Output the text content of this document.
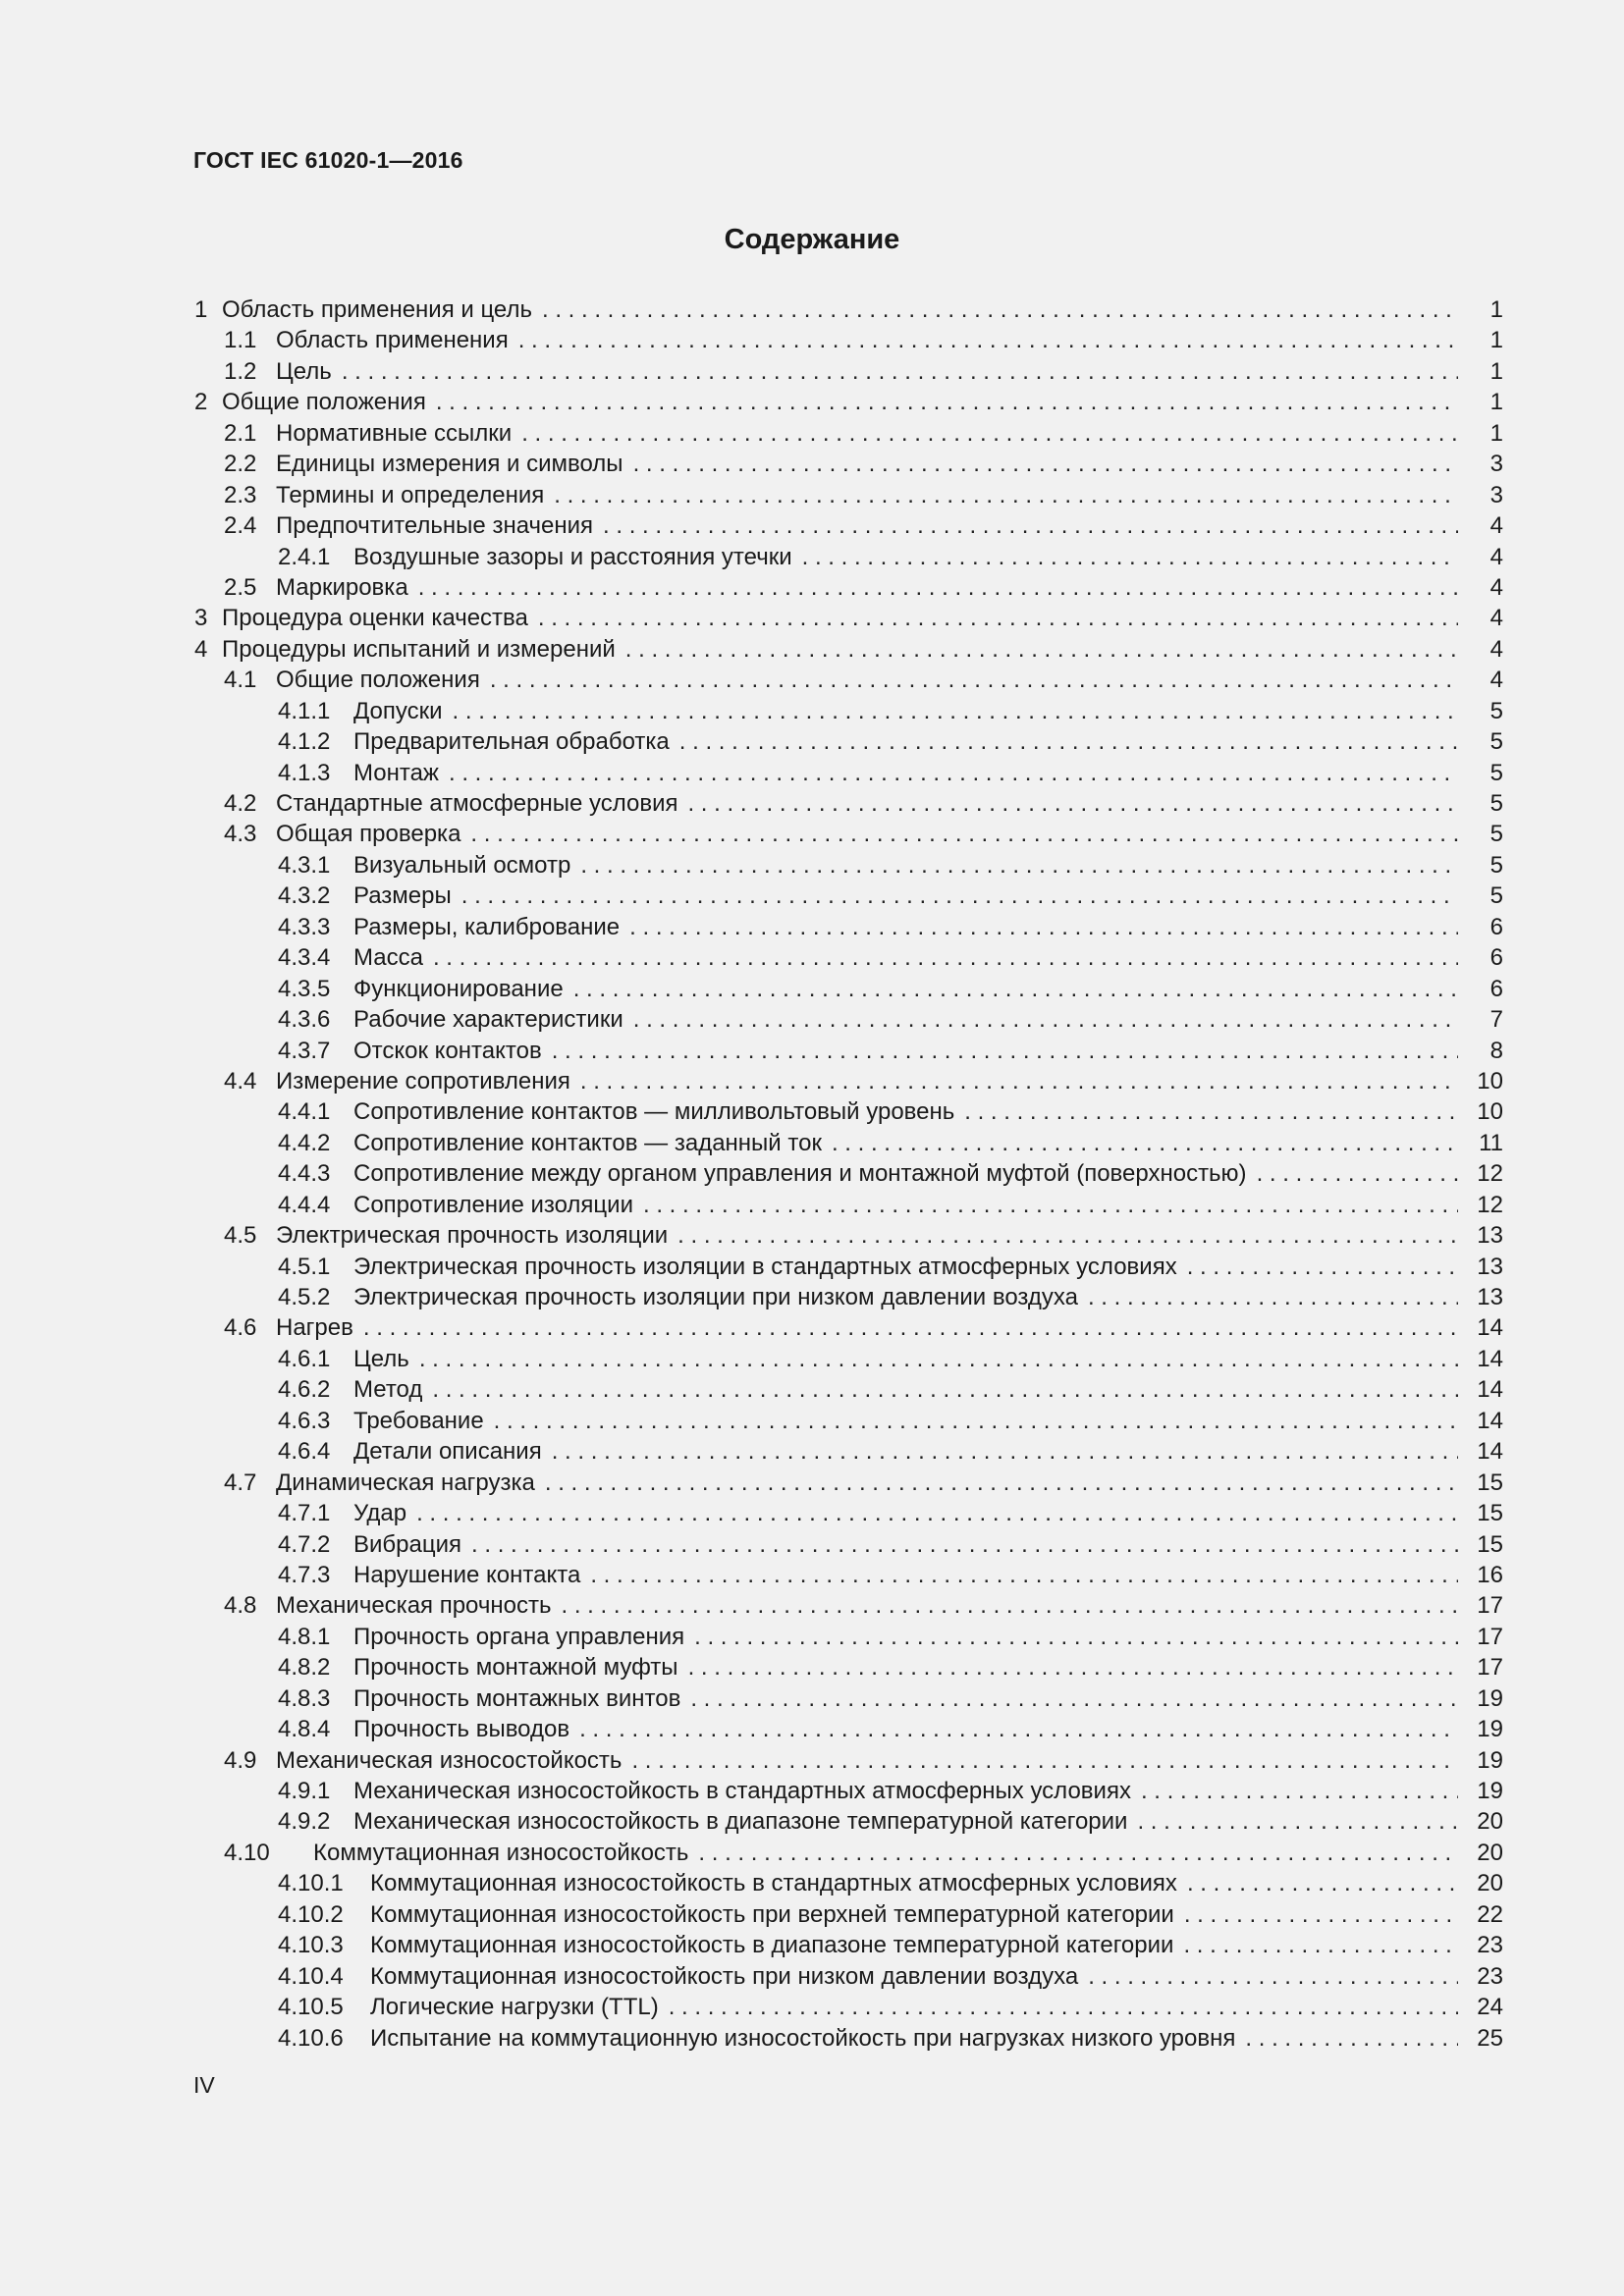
ГОСТ IEC 61020-1—2016
Содержание
1 Область применения и цель . . .	1
1.1 Область применения . . .	1
1.2 Цель . . .	1
2 Общие положения . . .	1
2.1 Нормативные ссылки . . .	1
2.2 Единицы измерения и символы . . .	3
2.3 Термины и определения . . .	3
2.4 Предпочтительные значения . . .	4
2.4.1 Воздушные зазоры и расстояния утечки . . .	4
2.5 Маркировка . . .	4
3 Процедура оценки качества . . .	4
4 Процедуры испытаний и измерений . . .	4
4.1 Общие положения . . .	4
4.1.1 Допуски . . .	5
4.1.2 Предварительная обработка . . .	5
4.1.3 Монтаж . . .	5
4.2 Стандартные атмосферные условия . . .	5
4.3 Общая проверка . . .	5
4.3.1 Визуальный осмотр . . .	5
4.3.2 Размеры . . .	5
4.3.3 Размеры, калибрование . . .	6
4.3.4 Масса . . .	6
4.3.5 Функционирование . . .	6
4.3.6 Рабочие характеристики . . .	7
4.3.7 Отскок контактов . . .	8
4.4 Измерение сопротивления . . .	10
4.4.1 Сопротивление контактов — милливольтовый уровень . . .	10
4.4.2 Сопротивление контактов — заданный ток . . .	11
4.4.3 Сопротивление между органом управления и монтажной муфтой (поверхностью) . . .	12
4.4.4 Сопротивление изоляции . . .	12
4.5 Электрическая прочность изоляции . . .	13
4.5.1 Электрическая прочность изоляции в стандартных атмосферных условиях . . .	13
4.5.2 Электрическая прочность изоляции при низком давлении воздуха . . .	13
4.6 Нагрев . . .	14
4.6.1 Цель . . .	14
4.6.2 Метод . . .	14
4.6.3 Требование . . .	14
4.6.4 Детали описания . . .	14
4.7 Динамическая нагрузка . . .	15
4.7.1 Удар . . .	15
4.7.2 Вибрация . . .	15
4.7.3 Нарушение контакта . . .	16
4.8 Механическая прочность . . .	17
4.8.1 Прочность органа управления . . .	17
4.8.2 Прочность монтажной муфты . . .	17
4.8.3 Прочность монтажных винтов . . .	19
4.8.4 Прочность выводов . . .	19
4.9 Механическая износостойкость . . .	19
4.9.1 Механическая износостойкость в стандартных атмосферных условиях . . .	19
4.9.2 Механическая износостойкость в диапазоне температурной категории . . .	20
4.10	Коммутационная износостойкость . . .	20
4.10.1	Коммутационная износостойкость в стандартных атмосферных условиях . . .	20
4.10.2	Коммутационная износостойкость при верхней температурной категории . . .	22
4.10.3	Коммутационная износостойкость в диапазоне температурной категории . . .	23
4.10.4	Коммутационная износостойкость при низком давлении воздуха . . .	23
4.10.5	Логические нагрузки (TTL) . . .	24
4.10.6	Испытание на коммутационную износостойкость при нагрузках низкого уровня . . .	25
IV
